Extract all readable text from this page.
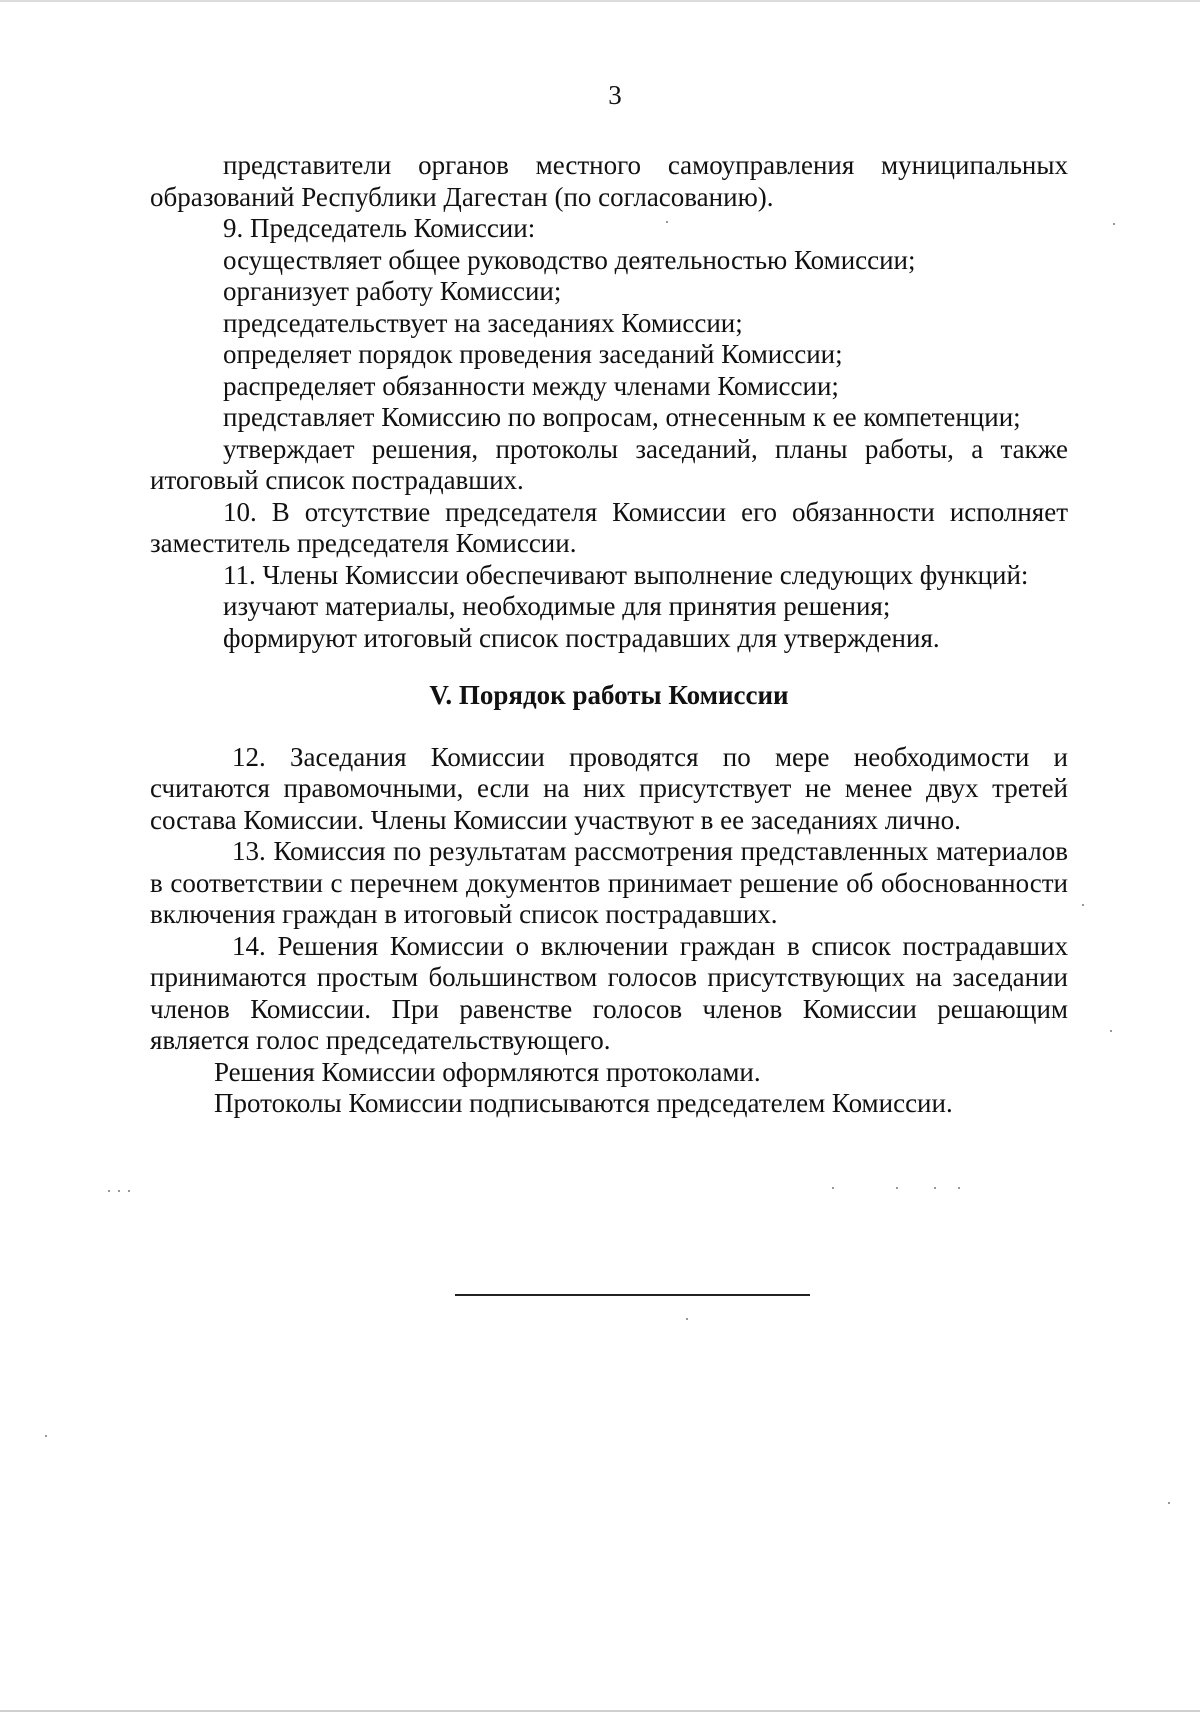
3

представители органов местного самоуправления муниципальных образований Республики Дагестан (по согласованию).

9. Председатель Комиссии:

осуществляет общее руководство деятельностью Комиссии;

организует работу Комиссии;

председательствует на заседаниях Комиссии;

определяет порядок проведения заседаний Комиссии;

распределяет обязанности между членами Комиссии;

представляет Комиссию по вопросам, отнесенным к ее компетенции;

утверждает решения, протоколы заседаний, планы работы, а также итоговый список пострадавших.

10. В отсутствие председателя Комиссии его обязанности исполняет заместитель председателя Комиссии.

11. Члены Комиссии обеспечивают выполнение следующих функций:

изучают материалы, необходимые для принятия решения;

формируют итоговый список пострадавших для утверждения.

V. Порядок работы Комиссии

12. Заседания Комиссии проводятся по мере необходимости и считаются правомочными, если на них присутствует не менее двух третей состава Комиссии. Члены Комиссии участвуют в ее заседаниях лично.

13. Комиссия по результатам рассмотрения представленных материалов в соответствии с перечнем документов принимает решение об обоснованности включения граждан в итоговый список пострадавших.

14. Решения Комиссии о включении граждан в список пострадавших принимаются простым большинством голосов присутствующих на заседании членов Комиссии. При равенстве голосов членов Комиссии решающим является голос председательствующего.

Решения Комиссии оформляются протоколами.

Протоколы Комиссии подписываются председателем Комиссии.
